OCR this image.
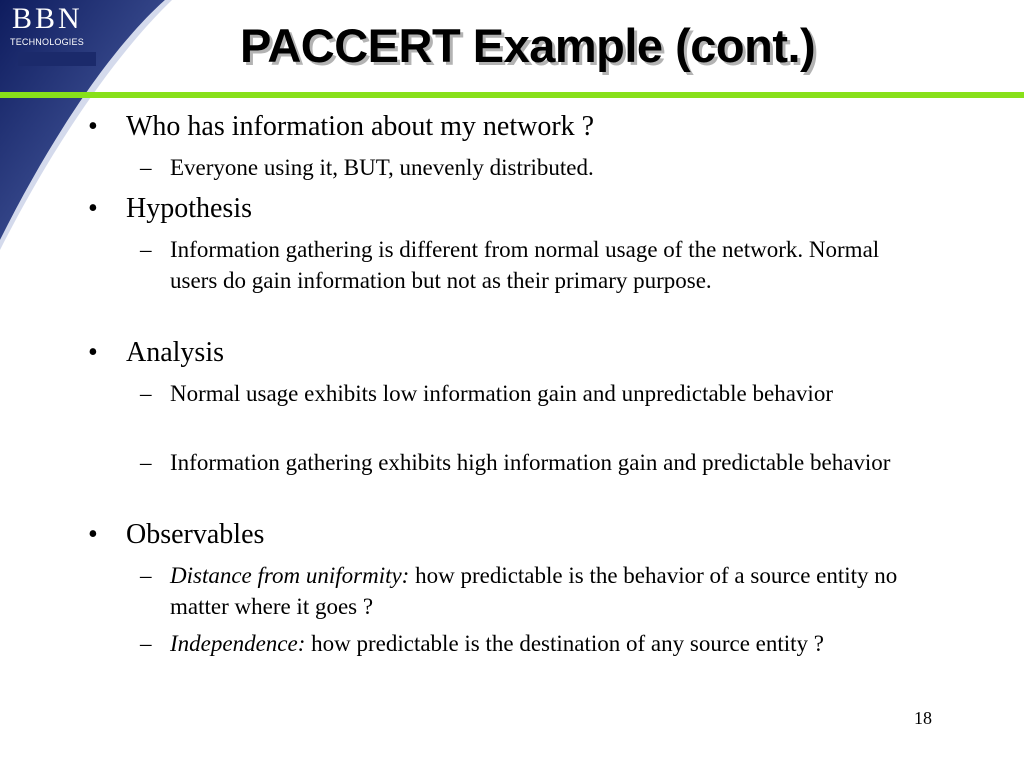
BBN
TECHNOLOGIES	PACCERT Example (cont.)
• Who has information about my network ?
– Everyone using it, BUT, unevenly distributed.
• Hypothesis
– Information gathering is different from normal usage of the network. Normal users do gain information but not as their primary purpose.
• Analysis
– Normal usage exhibits low information gain and unpredictable behavior
– Information gathering exhibits high information gain and predictable behavior
• Observables
– Distance from uniformity: how predictable is the behavior of a source entity no matter where it goes ?
– Independence: how predictable is the destination of any source entity ?
18
